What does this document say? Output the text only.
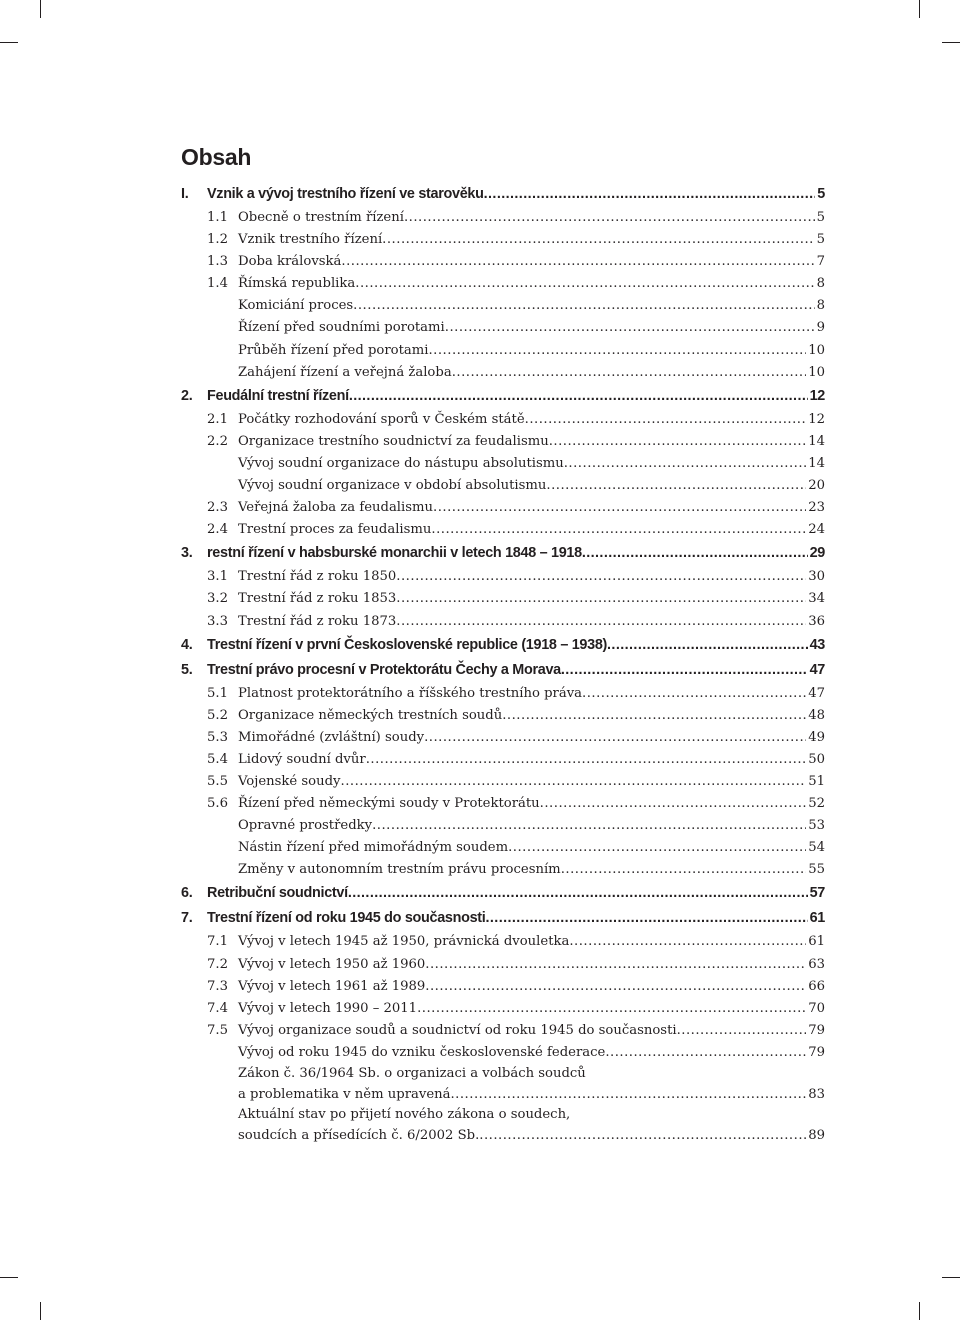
Obsah
I.	Vznik a vývoj trestního řízení ve starověku .....	5
1.1 Obecně o trestním řízení .....	5
1.2 Vznik trestního řízení .....	5
1.3 Doba královská .....	7
1.4 Římská republika .....	8
Komiciání proces .....	8
Řízení před soudními porotami .....	9
Průběh řízení před porotami .....	10
Zahájení řízení a veřejná žaloba .....	10
2.	Feudální trestní řízení .....	12
2.1 Počátky rozhodování sporů v Českém státě .....	12
2.2 Organizace trestního soudnictví za feudalismu .....	14
Vývoj soudní organizace do nástupu absolutismu .....	14
Vývoj soudní organizace v období absolutismu .....	20
2.3 Veřejná žaloba za feudalismu .....	23
2.4 Trestní proces za feudalismu .....	24
3.	restní řízení v habsburské monarchii v letech 1848 – 1918 .....	29
3.1 Trestní řád z roku 1850 .....	30
3.2 Trestní řád z roku 1853 .....	34
3.3 Trestní řád z roku 1873 .....	36
4.	Trestní řízení v první Československé republice (1918 – 1938) .....	43
5.	Trestní právo procesní v Protektorátu Čechy a Morava .....	47
5.1 Platnost protektorátního a říšského trestního práva .....	47
5.2 Organizace německých trestních soudů .....	48
5.3 Mimořádné (zvláštní) soudy .....	49
5.4 Lidový soudní dvůr .....	50
5.5 Vojenské soudy .....	51
5.6 Řízení před německými soudy v Protektorátu .....	52
Opravné prostředky .....	53
Nástin řízení před mimořádným soudem .....	54
Změny v autonomním trestním právu procesním .....	55
6.	Retribuční soudnictví .....	57
7.	Trestní řízení od roku 1945 do současnosti .....	61
7.1 Vývoj v letech 1945 až 1950, právnická dvouletka .....	61
7.2 Vývoj v letech 1950 až 1960 .....	63
7.3 Vývoj v letech 1961 až 1989 .....	66
7.4 Vývoj v letech 1990 – 2011 .....	70
7.5 Vývoj organizace soudů a soudnictví od roku 1945 do současnosti .....	79
Vývoj od roku 1945 do vzniku československé federace .....	79
Zákon č. 36/1964 Sb. o organizaci a volbách soudců
a problematika v něm upravená .....	83
Aktuální stav po přijetí nového zákona o soudech,
soudcích a přísedících č. 6/2002 Sb. .....	89
